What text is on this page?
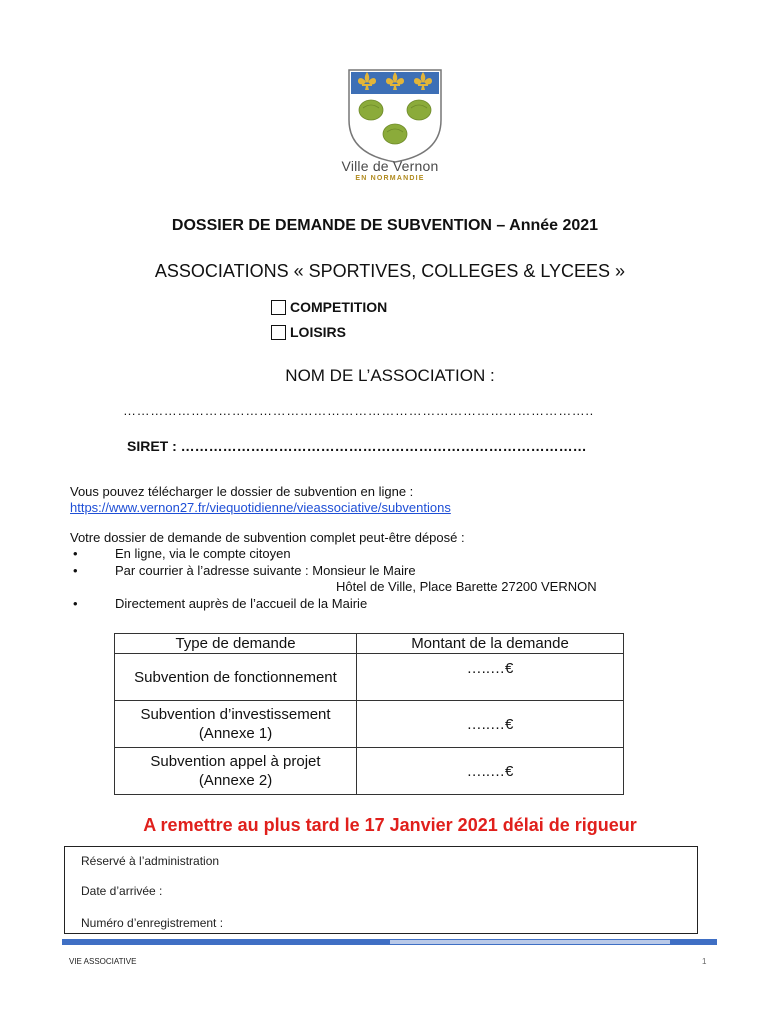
Ville de Vernon
EN NORMANDIE
DOSSIER DE DEMANDE DE SUBVENTION – Année 2021
ASSOCIATIONS « SPORTIVES, COLLEGES & LYCEES »
COMPETITION
LOISIRS
NOM DE L’ASSOCIATION :
…………………………………………………………………………………………..
SIRET : ……………………………………………………………………………
Vous pouvez télécharger le dossier de subvention en ligne :
https://www.vernon27.fr/viequotidienne/vieassociative/subventions
Votre dossier de demande de subvention complet peut-être déposé :
•	En ligne, via le compte citoyen
•	Par courrier à l’adresse suivante : Monsieur le Maire
Hôtel de Ville, Place Barette 27200 VERNON
•	Directement auprès de l’accueil de la Mairie
Type de demande	Montant de la demande
Subvention de fonctionnement	…..…€

Subvention d’investissement
(Annexe 1)	…..…€

Subvention appel à projet
(Annexe 2)	…..…€
A remettre au plus tard le 17 Janvier 2021 délai de rigueur
Réservé à l’administration
Date d’arrivée :
Numéro d’enregistrement :
VIE ASSOCIATIVE	1
